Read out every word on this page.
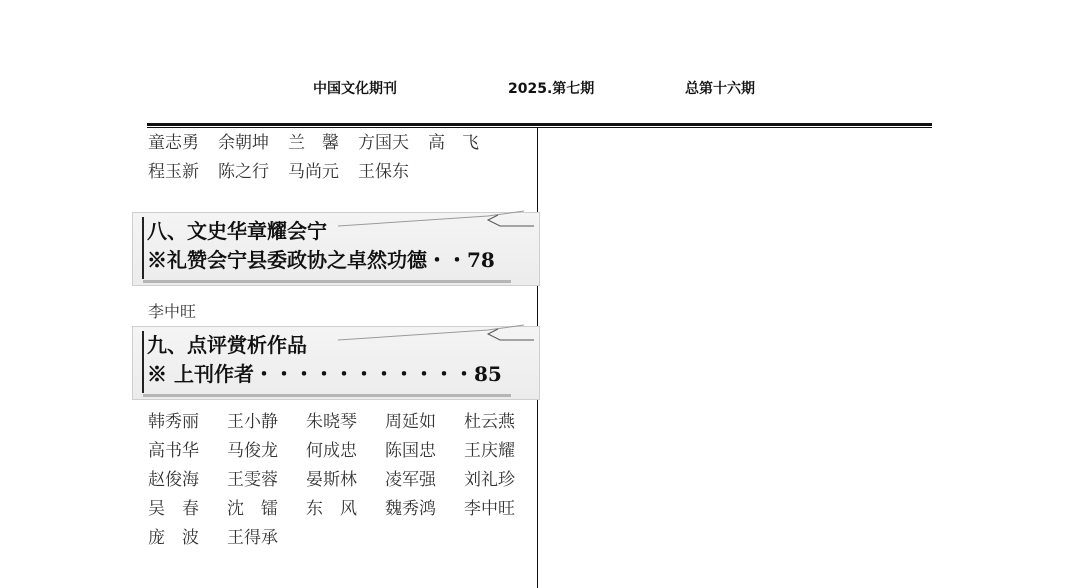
中国文化期刊	2025.第七期	总第十六期
童志勇 余朝坤 兰　馨 方国天 高　飞
程玉新 陈之行 马尚元 王保东
八、文史华章耀会宁
※礼赞会宁县委政协之卓然功德・・78
李中旺
九、点评赏析作品
※ 上刊作者・・・・・・・・・・・85
韩秀丽 王小静 朱晓琴 周延如 杜云燕
高书华 马俊龙 何成忠 陈国忠 王庆耀
赵俊海 王雯蓉 晏斯林 凌军强 刘礼珍
吴　春 沈　镭 东　风 魏秀鸿 李中旺
庞　波 王得承
